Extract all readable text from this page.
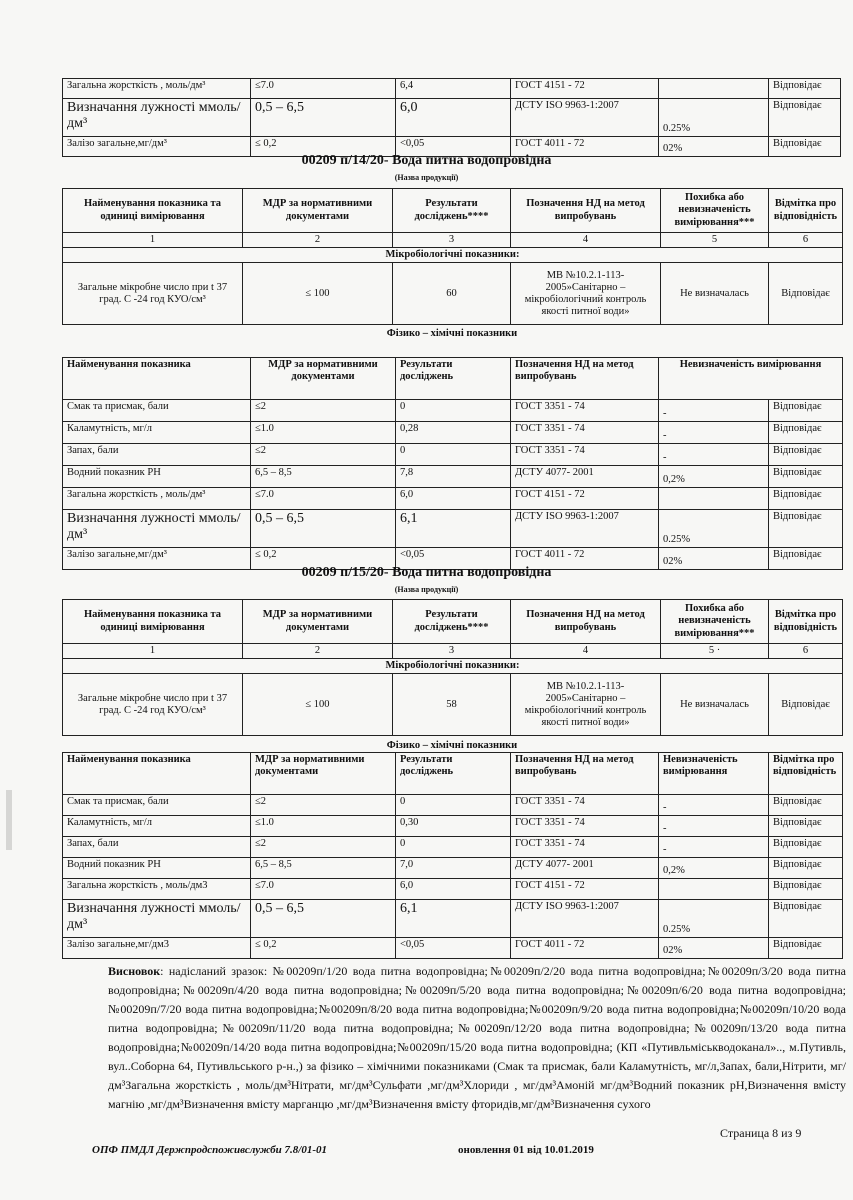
Загальна жорсткість , моль/дм³	≤7.0	6,4	ГОСТ 4151 - 72		Відповідає
Визначання лужності ммоль/дм³	0,5 – 6,5	6,0	ДСТУ ISO 9963-1:2007	0.25%	Відповідає
Залізо загальне,мг/дм³	≤ 0,2	<0,05	ГОСТ 4011 - 72	02%	Відповідає
00209 п/14/20- Вода питна водопровідна
(Назва продукції)
Найменування показника та одиниці вимірювання	МДР за нормативними документами	Результати досліджень****	Позначення НД на метод випробувань	Похибка або невизначеність вимірювання***	Відмітка про відповідність
1	2	3	4	5	6
Мікробіологічні показники:					
Загальне мікробне число при t 37 град. С -24 год КУО/см³	≤ 100	60	МВ №10.2.1-113-2005»Санітарно – мікробіологічний контроль якості питної води»	Не визначалась	Відповідає
Фізико – хімічні показники
Найменування показника	МДР за нормативними документами	Результати досліджень	Позначення НД на метод випробувань	Невизначеність вимірювання	
Смак та присмак, бали	≤2	0	ГОСТ 3351 - 74	-	Відповідає
Каламутність, мг/л	≤1.0	0,28	ГОСТ 3351 - 74	-	Відповідає
Запах, бали	≤2	0	ГОСТ 3351 - 74	-	Відповідає
Водний показник РН	6,5 – 8,5	7,8	ДСТУ 4077- 2001	0,2%	Відповідає
Загальна жорсткість , моль/дм³	≤7.0	6,0	ГОСТ 4151 - 72		Відповідає
Визначання лужності ммоль/дм³	0,5 – 6,5	6,1	ДСТУ ISO 9963-1:2007	0.25%	Відповідає
Залізо загальне,мг/дм³	≤ 0,2	<0,05	ГОСТ 4011 - 72	02%	Відповідає
00209 п/15/20- Вода питна водопровідна
(Назва продукції)
Найменування показника та одиниці вимірювання	МДР за нормативними документами	Результати досліджень****	Позначення НД на метод випробувань	Похибка або невизначеність вимірювання***	Відмітка про відповідність
1	2	3	4	5 ·	6
Мікробіологічні показники:					
Загальне мікробне число при t 37 град. С -24 год КУО/см³	≤ 100	58	МВ №10.2.1-113-2005»Санітарно – мікробіологічний контроль якості питної води»	Не визначалась	Відповідає
Фізико – хімічні показники
Найменування показника	МДР за нормативними документами	Результати досліджень	Позначення НД на метод випробувань	Невизначеність вимірювання	Відмітка про відповідність
Смак та присмак, бали	≤2	0	ГОСТ 3351 - 74	-	Відповідає
Каламутність, мг/л	≤1.0	0,30	ГОСТ 3351 - 74	-	Відповідає
Запах, бали	≤2	0	ГОСТ 3351 - 74	-	Відповідає
Водний показник РН	6,5 – 8,5	7,0	ДСТУ 4077- 2001	0,2%	Відповідає
Загальна жорсткість , моль/дм3	≤7.0	6,0	ГОСТ 4151 - 72		Відповідає
Визначання лужності ммоль/дм³	0,5 – 6,5	6,1	ДСТУ ISO 9963-1:2007	0.25%	Відповідає
Залізо загальне,мг/дм3	≤ 0,2	<0,05	ГОСТ 4011 - 72	02%	Відповідає
Висновок: надісланий зразок: №00209п/1/20 вода питна водопровідна;№00209п/2/20 вода питна водопровідна;№00209п/3/20 вода питна водопровідна;№00209п/4/20 вода питна водопровідна;№00209п/5/20 вода питна водопровідна;№00209п/6/20 вода питна водопровідна;№00209п/7/20 вода питна водопровідна;№00209п/8/20 вода питна водопровідна;№00209п/9/20 вода питна водопровідна;№00209п/10/20 вода питна водопровідна;№00209п/11/20 вода питна водопровідна;№00209п/12/20 вода питна водопровідна;№00209п/13/20 вода питна водопровідна;№00209п/14/20 вода питна водопровідна;№00209п/15/20 вода питна водопровідна; (КП «Путивльміськводоканал».., м.Путивль, вул..Соборна 64, Путивльського р-н.,) за фізико – хімічними показниками (Смак та присмак, бали Каламутність, мг/л,Запах, бали,Нітрити, мг/дм³Загальна жорсткість , моль/дм³Нітрати, мг/дм³Сульфати ,мг/дм³Хлориди , мг/дм³Амоній мг/дм³Водний показник рН,Визначення вмісту магнію ,мг/дм³Визначення вмісту марганцю ,мг/дм³Визначення вмісту фторидів,мг/дм³Визначення сухого
Страница 8 из 9
ОПФ ПМДЛ Держпродспоживслужби 7.8/01-01	оновлення 01 від 10.01.2019
